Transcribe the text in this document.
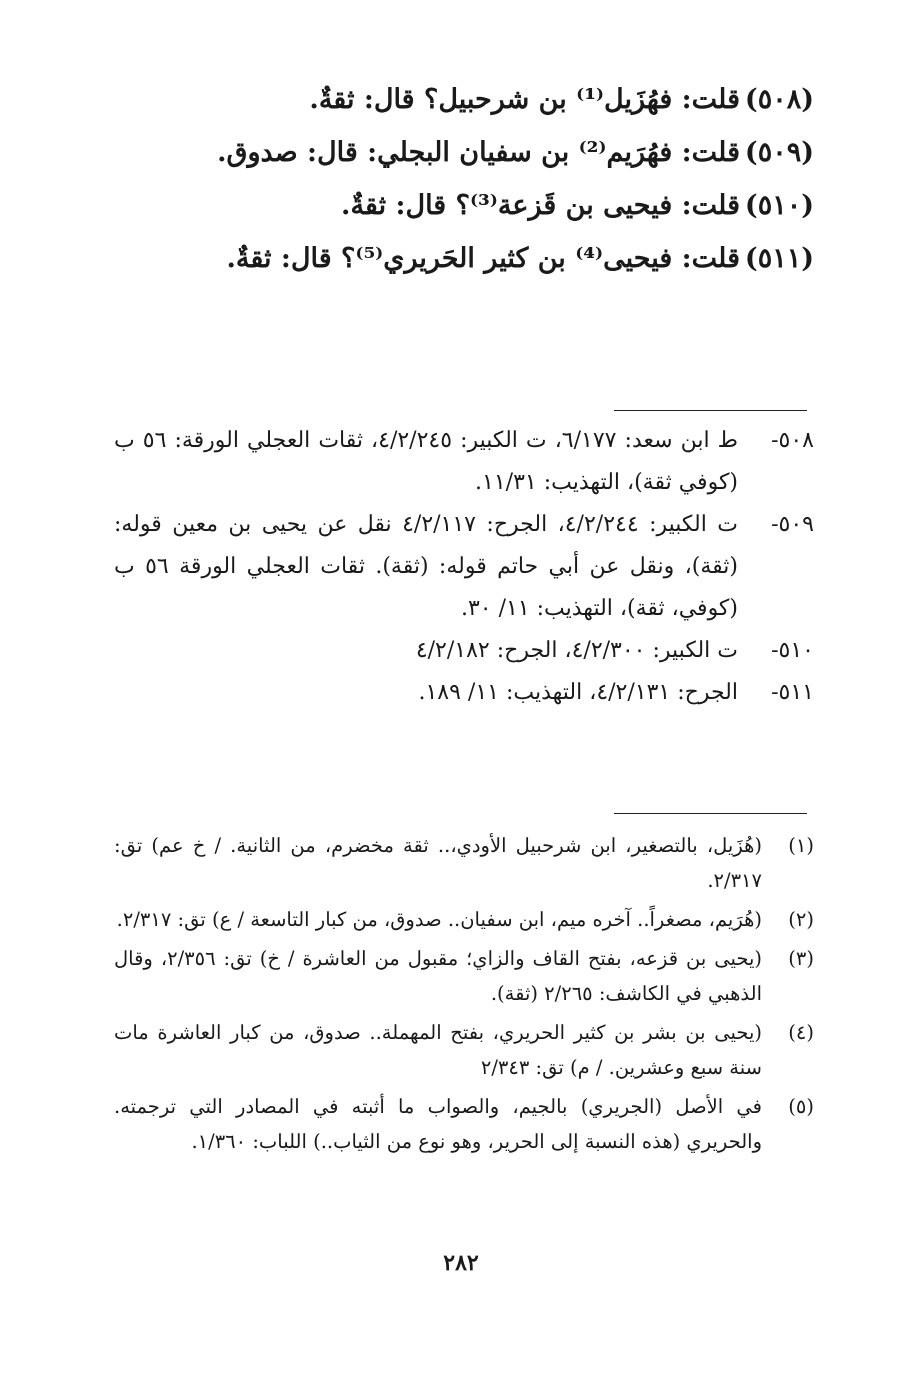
(٥٠٨)
قلت: فهُزَيل⁽¹⁾ بن شرحبيل؟ قال: ثقةٌ.
(٥٠٩)
قلت: فهُرَيم⁽²⁾ بن سفيان البجلي: قال: صدوق.
(٥١٠)
قلت: فيحيى بن قَزعة⁽³⁾؟ قال: ثقةٌ.
(٥١١)
قلت: فيحيى⁽⁴⁾ بن كثير الحَريري⁽⁵⁾؟ قال: ثقةٌ.
٥٠٨-
ط ابن سعد: ٦/١٧٧، ت الكبير: ٤/٢/٢٤٥، ثقات العجلي الورقة: ٥٦ ب (كوفي ثقة)، التهذيب: ١١/٣١.
٥٠٩-
ت الكبير: ٤/٢/٢٤٤، الجرح: ٤/٢/١١٧ نقل عن يحيى بن معين قوله: (ثقة)، ونقل عن أبي حاتم قوله: (ثقة). ثقات العجلي الورقة ٥٦ ب (كوفي، ثقة)، التهذيب: ١١/ ٣٠.
٥١٠-
ت الكبير: ٤/٢/٣٠٠، الجرح: ٤/٢/١٨٢
٥١١-
الجرح: ٤/٢/١٣١، التهذيب: ١١/ ١٨٩.
(١)
(هُزَيل، بالتصغير، ابن شرحبيل الأودي،.. ثقة مخضرم، من الثانية. / خ عم) تق: ٢/٣١٧.
(٢)
(هُرَيم، مصغراً.. آخره ميم، ابن سفيان.. صدوق، من كبار التاسعة / ع) تق: ٢/٣١٧.
(٣)
(يحيى بن قزعه، بفتح القاف والزاي؛ مقبول من العاشرة / خ) تق: ٢/٣٥٦، وقال الذهبي في الكاشف: ٢/٢٦٥ (ثقة).
(٤)
(يحيى بن بشر بن كثير الحريري، بفتح المهملة.. صدوق، من كبار العاشرة مات سنة سبع وعشرين. / م) تق: ٢/٣٤٣
(٥)
في الأصل (الجريري) بالجيم، والصواب ما أثبته في المصادر التي ترجمته. والحريري (هذه النسبة إلى الحرير، وهو نوع من الثياب..) اللباب: ١/٣٦٠.
٢٨٢
